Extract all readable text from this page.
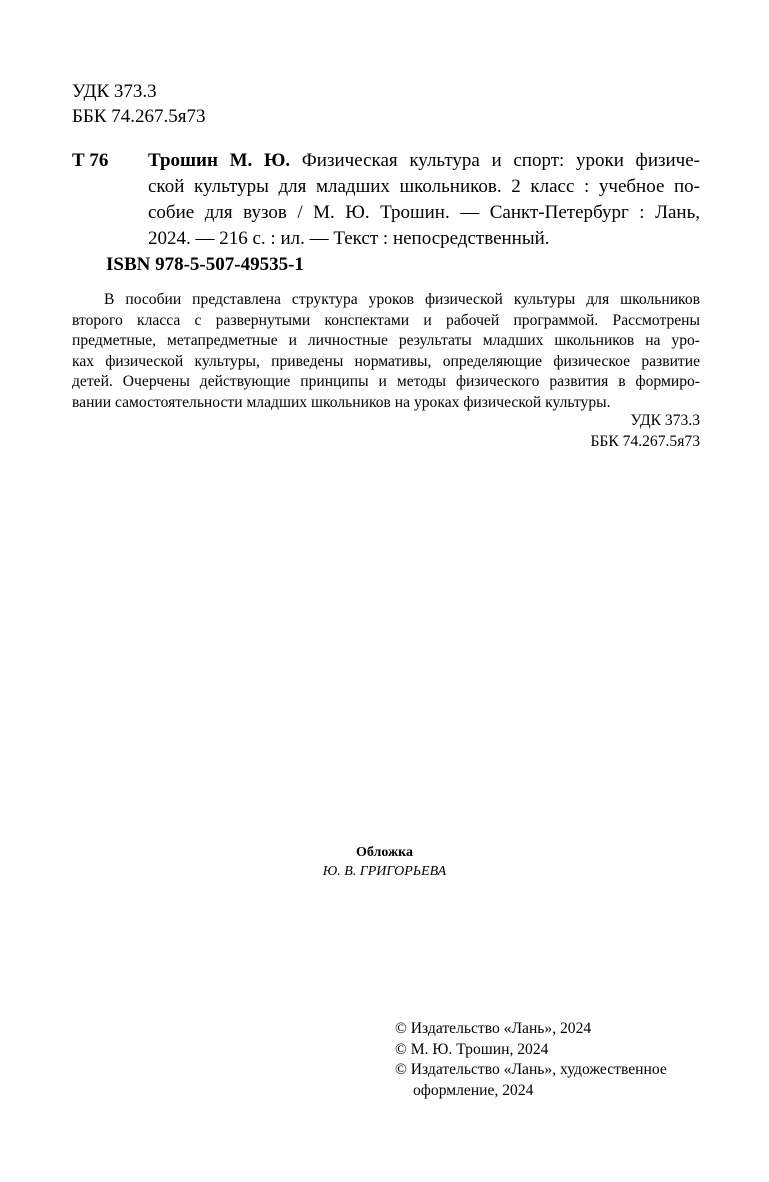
УДК 373.3
ББК 74.267.5я73
Т 76 Трошин М. Ю. Физическая культура и спорт: уроки физиче-
ской культуры для младших школьников. 2 класс : учебное по-
собие для вузов / М. Ю. Трошин. — Санкт-Петербург : Лань,
2024. — 216 с. : ил. — Текст : непосредственный.
ISBN 978-5-507-49535-1
В пособии представлена структура уроков физической культуры для школьников
второго класса с развернутыми конспектами и рабочей программой. Рассмотрены
предметные, метапредметные и личностные результаты младших школьников на уро-
ках физической культуры, приведены нормативы, определяющие физическое развитие
детей. Очерчены действующие принципы и методы физического развития в формиро-
вании самостоятельности младших школьников на уроках физической культуры.
УДК 373.3
ББК 74.267.5я73
Обложка
Ю. В. ГРИГОРЬЕВА
© Издательство «Лань», 2024
© М. Ю. Трошин, 2024
© Издательство «Лань», художественное
оформление, 2024
